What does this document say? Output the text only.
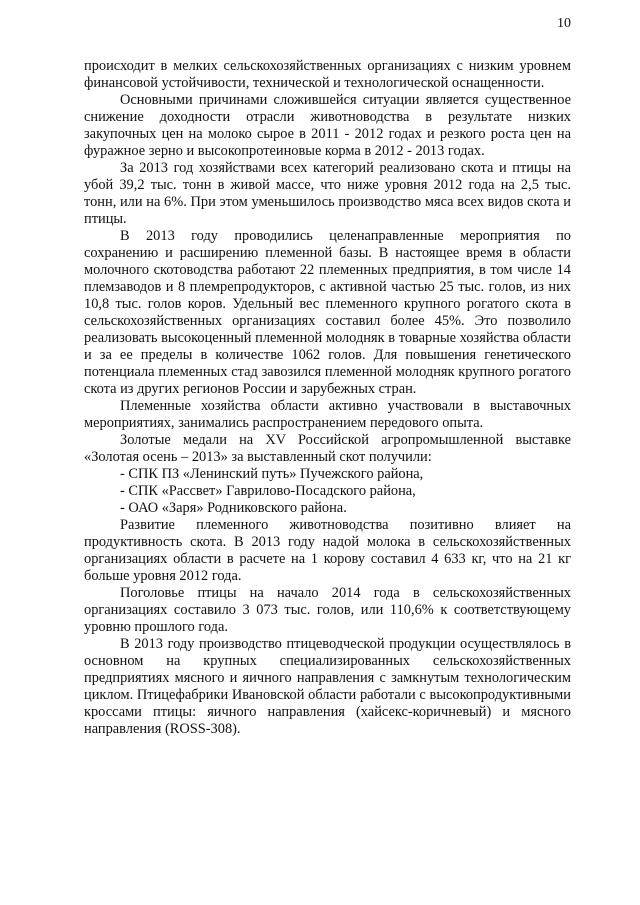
10

происходит в мелких сельскохозяйственных организациях с низким уровнем финансовой устойчивости, технической и технологической оснащенности.

Основными причинами сложившейся ситуации является существенное снижение доходности отрасли животноводства в результате низких закупочных цен на молоко сырое в 2011 - 2012 годах и резкого роста цен на фуражное зерно и высокопротеиновые корма в 2012 - 2013 годах.

За 2013 год хозяйствами всех категорий реализовано скота и птицы на убой 39,2 тыс. тонн в живой массе, что ниже уровня 2012 года на 2,5 тыс. тонн, или на 6%. При этом уменьшилось производство мяса всех видов скота и птицы.

В 2013 году проводились целенаправленные мероприятия по сохранению и расширению племенной базы. В настоящее время в области молочного скотоводства работают 22 племенных предприятия, в том числе 14 племзаводов и 8 племрепродукторов, с активной частью 25 тыс. голов, из них 10,8 тыс. голов коров. Удельный вес племенного крупного рогатого скота в сельскохозяйственных организациях составил более 45%. Это позволило реализовать высокоценный племенной молодняк в товарные хозяйства области и за ее пределы в количестве 1062 голов. Для повышения генетического потенциала племенных стад завозился племенной молодняк крупного рогатого скота из других регионов России и зарубежных стран.

Племенные хозяйства области активно участвовали в выставочных мероприятиях, занимались распространением передового опыта.

Золотые медали на XV Российской агропромышленной выставке «Золотая осень – 2013» за выставленный скот получили:

- СПК ПЗ «Ленинский путь» Пучежского района,

- СПК «Рассвет» Гаврилово-Посадского района,

- ОАО «Заря» Родниковского района.

Развитие племенного животноводства позитивно влияет на продуктивность скота. В 2013 году надой молока в сельскохозяйственных организациях области в расчете на 1 корову составил 4 633 кг, что на 21 кг больше уровня 2012 года.

Поголовье птицы на начало 2014 года в сельскохозяйственных организациях составило 3 073 тыс. голов, или 110,6% к соответствующему уровню прошлого года.

В 2013 году производство птицеводческой продукции осуществлялось в основном на крупных специализированных сельскохозяйственных предприятиях мясного и яичного направления с замкнутым технологическим циклом. Птицефабрики Ивановской области работали с высокопродуктивными кроссами птицы: яичного направления (хайсекс-коричневый) и мясного направления (ROSS-308).
